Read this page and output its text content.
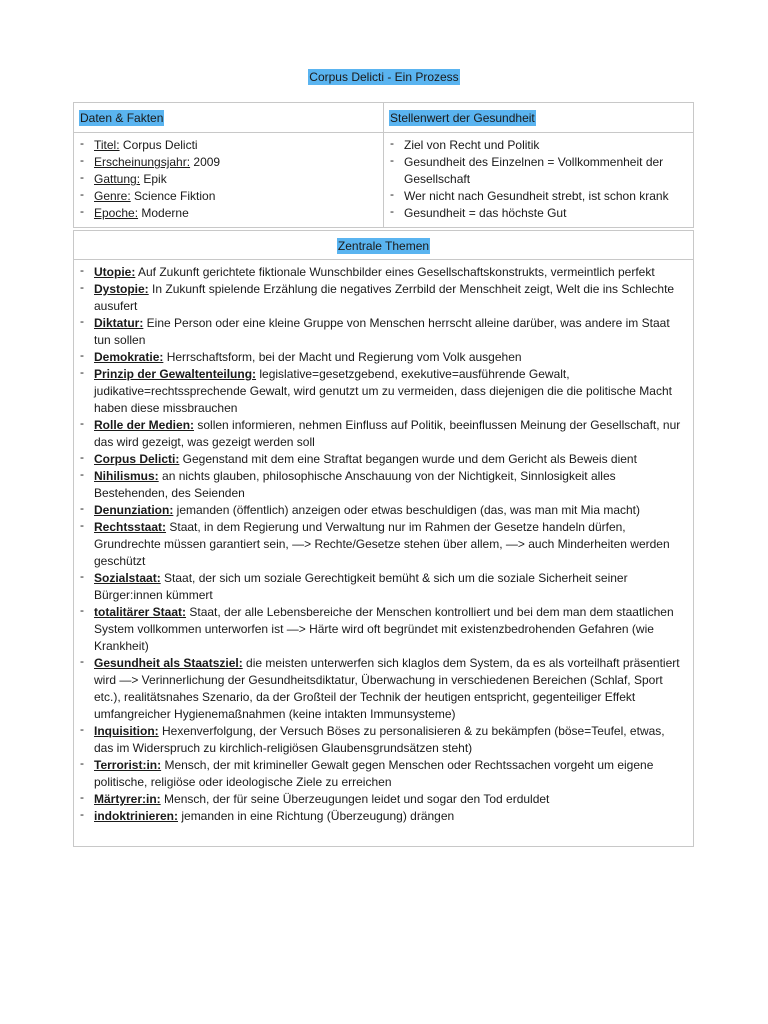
Corpus Delicti - Ein Prozess
Daten & Fakten	Stellenwert der Gesundheit
- Titel: Corpus Delicti
- Erscheinungsjahr: 2009
- Gattung: Epik
- Genre: Science Fiktion
- Epoche: Moderne
- Ziel von Recht und Politik
- Gesundheit des Einzelnen = Vollkommenheit der Gesellschaft
- Wer nicht nach Gesundheit strebt, ist schon krank
- Gesundheit = das höchste Gut
Zentrale Themen
- Utopie: Auf Zukunft gerichtete fiktionale Wunschbilder eines Gesellschaftskonstrukts, vermeintlich perfekt
- Dystopie: In Zukunft spielende Erzählung die negatives Zerrbild der Menschheit zeigt, Welt die ins Schlechte ausufert
- Diktatur: Eine Person oder eine kleine Gruppe von Menschen herrscht alleine darüber, was andere im Staat tun sollen
- Demokratie: Herrschaftsform, bei der Macht und Regierung vom Volk ausgehen
- Prinzip der Gewaltenteilung: legislative=gesetzgebend, exekutive=ausführende Gewalt, judikative=rechtssprechende Gewalt, wird genutzt um zu vermeiden, dass diejenigen die die politische Macht haben diese missbrauchen
- Rolle der Medien: sollen informieren, nehmen Einfluss auf Politik, beeinflussen Meinung der Gesellschaft, nur das wird gezeigt, was gezeigt werden soll
- Corpus Delicti: Gegenstand mit dem eine Straftat begangen wurde und dem Gericht als Beweis dient
- Nihilismus: an nichts glauben, philosophische Anschauung von der Nichtigkeit, Sinnlosigkeit alles Bestehenden, des Seienden
- Denunziation: jemanden (öffentlich) anzeigen oder etwas beschuldigen (das, was man mit Mia macht)
- Rechtsstaat: Staat, in dem Regierung und Verwaltung nur im Rahmen der Gesetze handeln dürfen, Grundrechte müssen garantiert sein, —> Rechte/Gesetze stehen über allem, —> auch Minderheiten werden geschützt
- Sozialstaat: Staat, der sich um soziale Gerechtigkeit bemüht & sich um die soziale Sicherheit seiner Bürger:innen kümmert
- totalitärer Staat: Staat, der alle Lebensbereiche der Menschen kontrolliert und bei dem man dem staatlichen System vollkommen unterworfen ist —> Härte wird oft begründet mit existenzbedrohenden Gefahren (wie Krankheit)
- Gesundheit als Staatsziel: die meisten unterwerfen sich klaglos dem System, da es als vorteilhaft präsentiert wird —> Verinnerlichung der Gesundheitsdiktatur, Überwachung in verschiedenen Bereichen (Schlaf, Sport etc.), realitätsnahes Szenario, da der Großteil der Technik der heutigen entspricht, gegenteiliger Effekt umfangreicher Hygienemaßnahmen (keine intakten Immunsysteme)
- Inquisition: Hexenverfolgung, der Versuch Böses zu personalisieren & zu bekämpfen (böse=Teufel, etwas, das im Widerspruch zu kirchlich-religiösen Glaubensgrundsätzen steht)
- Terrorist:in: Mensch, der mit krimineller Gewalt gegen Menschen oder Rechtssachen vorgeht um eigene politische, religiöse oder ideologische Ziele zu erreichen
- Märtyrer:in: Mensch, der für seine Überzeugungen leidet und sogar den Tod erduldet
- indoktrinieren: jemanden in eine Richtung (Überzeugung) drängen
